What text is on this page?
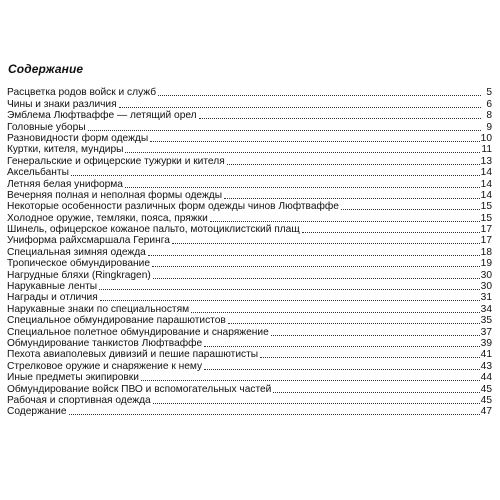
Содержание
Расцветка родов войск и служб	5
Чины и знаки различия	6
Эмблема Люфтваффе — летящий орел	8
Головные уборы	9
Разновидности форм одежды	10
Куртки, кителя, мундиры	11
Генеральские и офицерские тужурки и кителя	13
Аксельбанты	14
Летняя белая униформа	14
Вечерняя полная и неполная формы одежды	14
Некоторые особенности различных форм одежды чинов Люфтваффе	15
Холодное оружие, темляки, пояса, пряжки	15
Шинель, офицерское кожаное пальто, мотоциклистский плащ	17
Униформа райхсмаршала Геринга	17
Специальная зимняя одежда	18
Тропическое обмундирование	19
Нагрудные бляхи (Ringkragen)	30
Нарукавные ленты	30
Награды и отличия	31
Нарукавные знаки по специальностям	34
Специальное обмундирование парашютистов	35
Специальное полетное обмундирование и снаряжение	37
Обмундирование танкистов Люфтваффе	39
Пехота авиаполевых дивизий и пешие парашютисты	41
Стрелковое оружие и снаряжение к нему	43
Иные предметы экипировки	44
Обмундирование войск ПВО и вспомогательных частей	45
Рабочая и спортивная одежда	45
Содержание	47
